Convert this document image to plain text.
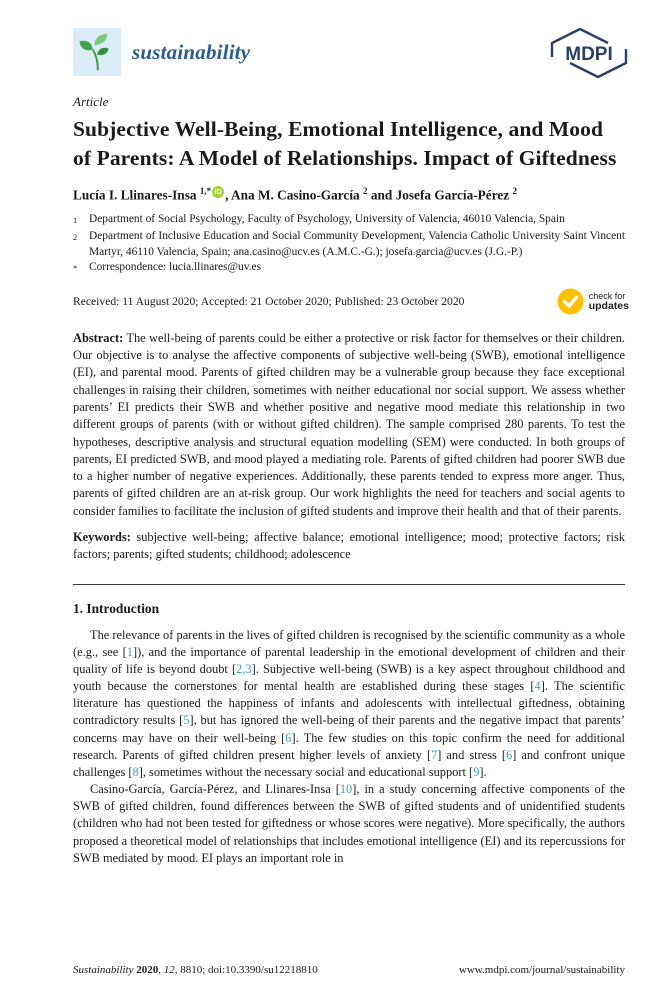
sustainability	MDPI
Article
Subjective Well-Being, Emotional Intelligence, and Mood of Parents: A Model of Relationships. Impact of Giftedness
Lucía I. Llinares-Insa $^{1,*}$ iD , Ana M. Casino-García $^2$ and Josefa García-Pérez $^2$
1	Department of Social Psychology, Faculty of Psychology, University of Valencia, 46010 Valencia, Spain
2	Department of Inclusive Education and Social Community Development, Valencia Catholic University Saint Vincent Martyr, 46110 Valencia, Spain; ana.casino@ucv.es (A.M.C.-G.); josefa.garcia@ucv.es (J.G.-P.)
*	Correspondence: lucia.llinares@uv.es
Received: 11 August 2020; Accepted: 21 October 2020; Published: 23 October 2020	check for
updates

Abstract: The well-being of parents could be either a protective or risk factor for themselves or their children. Our objective is to analyse the affective components of subjective well-being (SWB), emotional intelligence (EI), and parental mood. Parents of gifted children may be a vulnerable group because they face exceptional challenges in raising their children, sometimes with neither educational nor social support. We assess whether parents’ EI predicts their SWB and whether positive and negative mood mediate this relationship in two different groups of parents (with or without gifted children). The sample comprised 280 parents. To test the hypotheses, descriptive analysis and structural equation modelling (SEM) were conducted. In both groups of parents, EI predicted SWB, and mood played a mediating role. Parents of gifted children had poorer SWB due to a higher number of negative experiences. Additionally, these parents tended to express more anger. Thus, parents of gifted children are an at-risk group. Our work highlights the need for teachers and social agents to consider families to facilitate the inclusion of gifted students and improve their health and that of their parents.

Keywords: subjective well-being; affective balance; emotional intelligence; mood; protective factors; risk factors; parents; gifted students; childhood; adolescence

1. Introduction

The relevance of parents in the lives of gifted children is recognised by the scientific community as a whole (e.g., see [1]), and the importance of parental leadership in the emotional development of children and their quality of life is beyond doubt [2,3]. Subjective well-being (SWB) is a key aspect throughout childhood and youth because the cornerstones for mental health are established during these stages [4]. The scientific literature has questioned the happiness of infants and adolescents with intellectual giftedness, obtaining contradictory results [5], but has ignored the well-being of their parents and the negative impact that parents’ concerns may have on their well-being [6]. The few studies on this topic confirm the need for additional research. Parents of gifted children present higher levels of anxiety [7] and stress [6] and confront unique challenges [8], sometimes without the necessary social and educational support [9].

Casino-García, García-Pérez, and Llinares-Insa [10], in a study concerning affective components of the SWB of gifted children, found differences between the SWB of gifted students and of unidentified students (children who had not been tested for giftedness or whose scores were negative). More specifically, the authors proposed a theoretical model of relationships that includes emotional intelligence (EI) and its repercussions for SWB mediated by mood. EI plays an important role in

Sustainability 2020, 12, 8810; doi:10.3390/su12218810	www.mdpi.com/journal/sustainability
